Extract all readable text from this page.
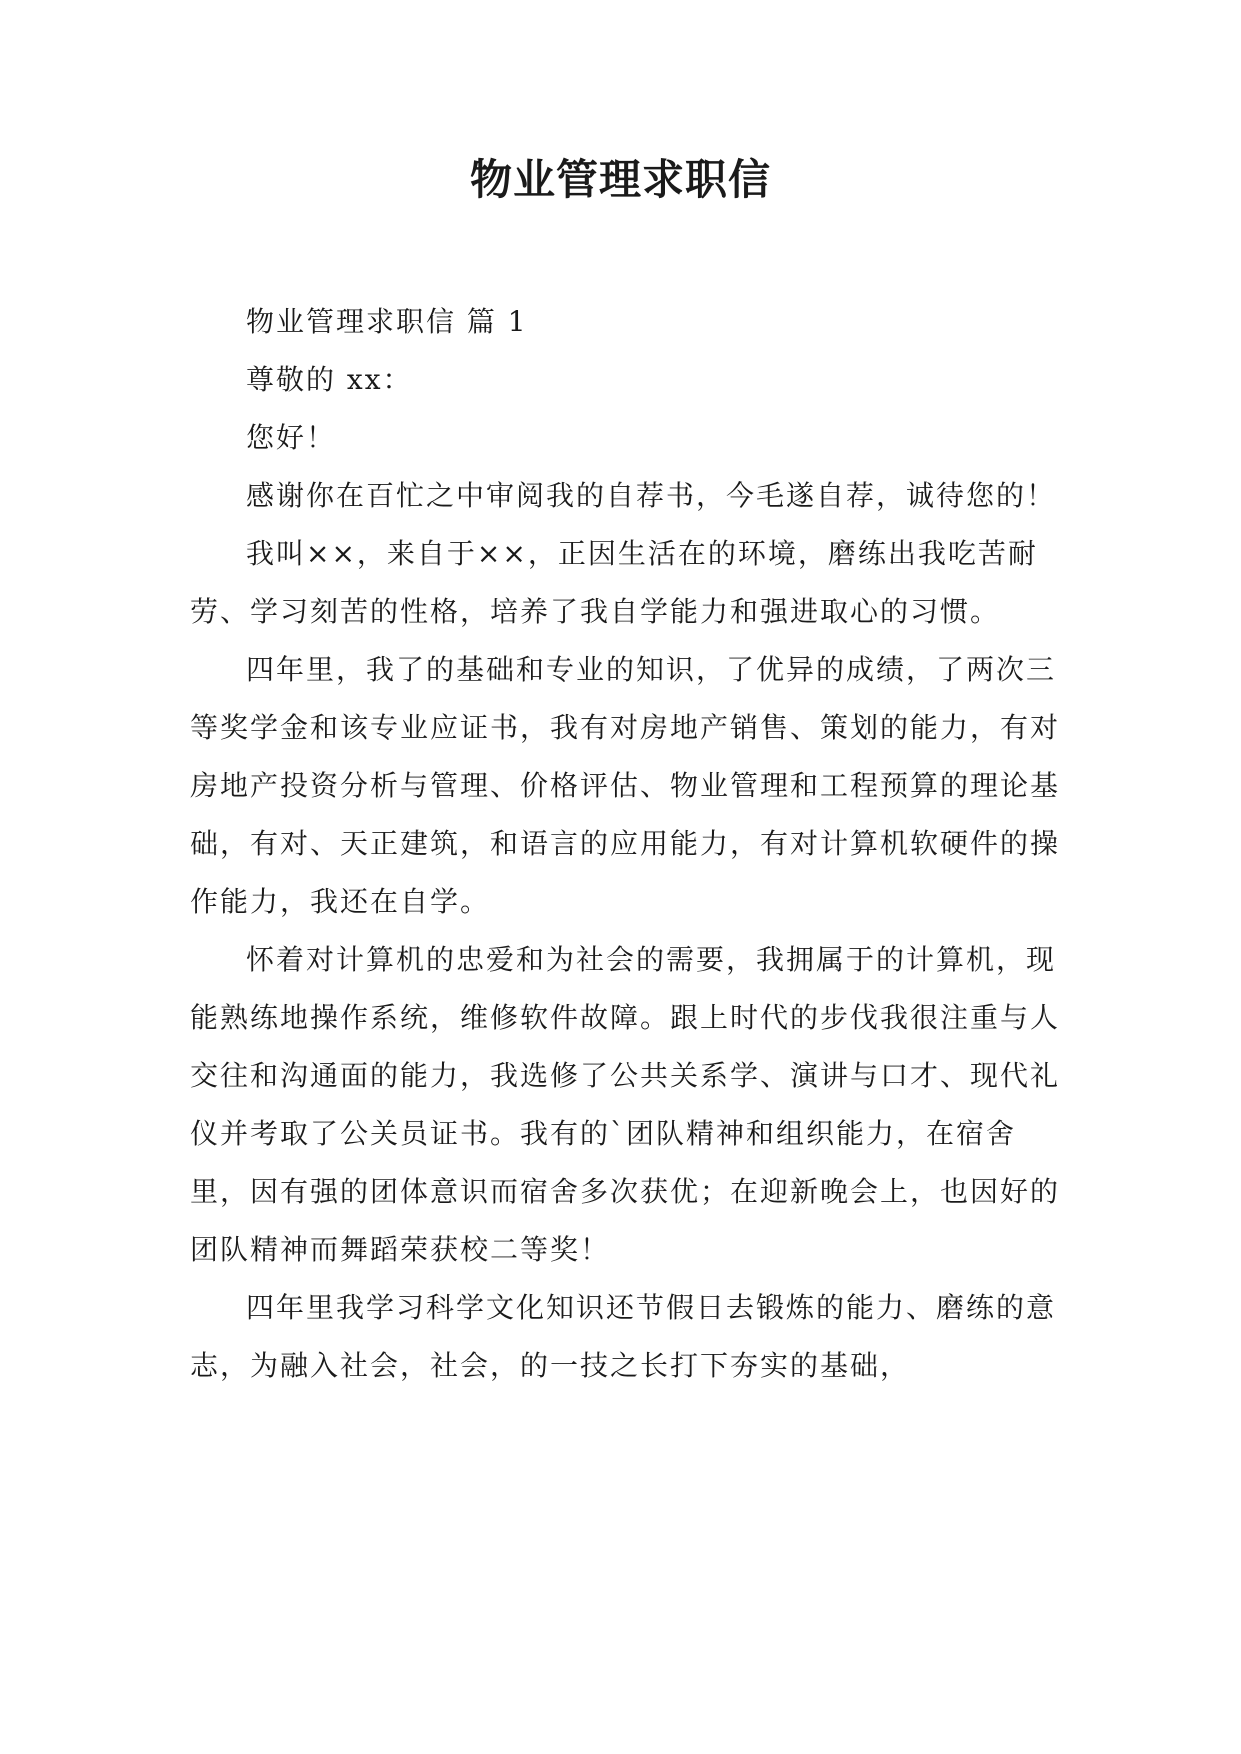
物业管理求职信

物业管理求职信 篇 1

尊敬的 xx：

您好！

感谢你在百忙之中审阅我的自荐书，今毛遂自荐，诚待您的！

我叫××，来自于××，正因生活在的环境，磨练出我吃苦耐劳、学习刻苦的性格，培养了我自学能力和强进取心的习惯。

四年里，我了的基础和专业的知识，了优异的成绩，了两次三等奖学金和该专业应证书，我有对房地产销售、策划的能力，有对房地产投资分析与管理、价格评估、物业管理和工程预算的理论基础，有对、天正建筑，和语言的应用能力，有对计算机软硬件的操作能力，我还在自学。

怀着对计算机的忠爱和为社会的需要，我拥属于的计算机，现能熟练地操作系统，维修软件故障。跟上时代的步伐我很注重与人交往和沟通面的能力，我选修了公共关系学、演讲与口才、现代礼仪并考取了公关员证书。我有的`团队精神和组织能力，在宿舍里，因有强的团体意识而宿舍多次获优；在迎新晚会上，也因好的团队精神而舞蹈荣获校二等奖！

四年里我学习科学文化知识还节假日去锻炼的能力、磨练的意志，为融入社会，社会，的一技之长打下夯实的基础，
